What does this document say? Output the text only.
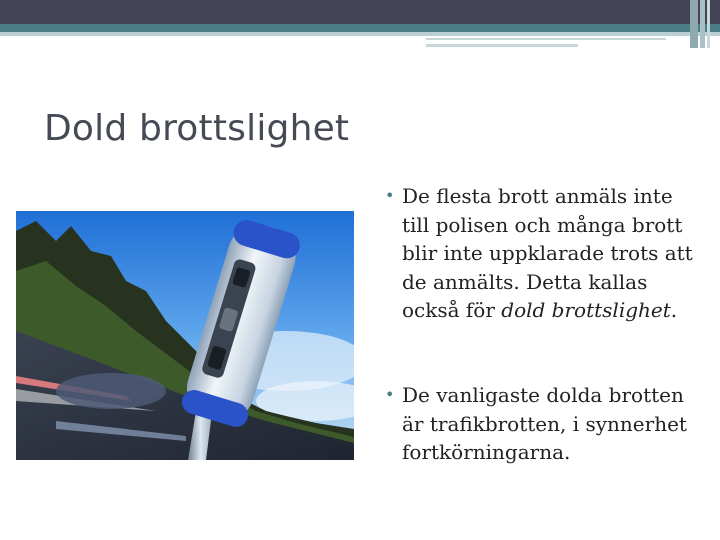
Dold brottslighet
• De flesta brott anmäls inte till polisen och många brott blir inte uppklarade trots att de anmälts. Detta kallas också för dold brottslighet.
• De vanligaste dolda brotten är trafikbrotten, i synnerhet fortkörningarna.
